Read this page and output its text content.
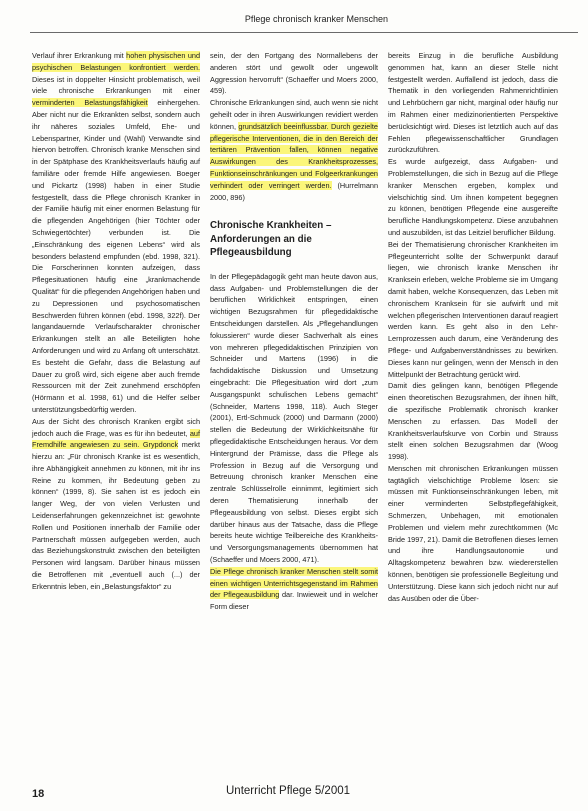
Pflege chronisch kranker Menschen

Verlauf ihrer Erkrankung mit hohen physischen und psychischen Belastungen konfrontiert werden. Dieses ist in doppelter Hinsicht problematisch, weil viele chronische Erkrankungen mit einer verminderten Belastungsfähigkeit einhergehen. Aber nicht nur die Erkrankten selbst, sondern auch ihr näheres soziales Umfeld, Ehe- und Lebenspartner, Kinder und (Wahl) Verwandte sind hiervon betroffen. Chronisch kranke Menschen sind in der Spätphase des Krankheitsverlaufs häufig auf familiäre oder fremde Hilfe angewiesen. Boeger und Pickartz (1998) haben in einer Studie festgestellt, dass die Pflege chronisch Kranker in der Familie häufig mit einer enormen Belastung für die pflegenden Angehörigen (hier Töchter oder Schwiegertöchter) verbunden ist. Die „Einschränkung des eigenen Lebens“ wird als besonders belastend empfunden (ebd. 1998, 321). Die Forscherinnen konnten aufzeigen, dass Pflegesituationen häufig eine „krankmachende Qualität“ für die pflegenden Angehörigen haben und zu Depressionen und psychosomatischen Beschwerden führen können (ebd. 1998, 322f). Der langandauernde Verlaufscharakter chronischer Erkrankungen stellt an alle Beteiligten hohe Anforderungen und wird zu Anfang oft unterschätzt. Es besteht die Gefahr, dass die Belastung auf Dauer zu groß wird, sich eigene aber auch fremde Ressourcen mit der Zeit zunehmend erschöpfen (Hörmann et al. 1998, 61) und die Helfer selber unterstützungsbedürftig werden.

Aus der Sicht des chronisch Kranken ergibt sich jedoch auch die Frage, was es für ihn bedeutet, auf Fremdhilfe angewiesen zu sein. Grypdonck merkt hierzu an: „Für chronisch Kranke ist es wesentlich, ihre Abhängigkeit annehmen zu können, mit ihr ins Reine zu kommen, ihr Bedeutung geben zu können“ (1999, 8). Sie sahen ist es jedoch ein langer Weg, der von vielen Verlusten und Leidenserfahrungen gekennzeichnet ist: gewohnte Rollen und Positionen innerhalb der Familie oder Partnerschaft müssen aufgegeben werden, auch das Beziehungskonstrukt zwischen den beteiligten Personen wird langsam. Darüber hinaus müssen die Betroffenen mit „eventuell auch (...) der Erkenntnis leben, ein „Belastungsfaktor“ zu

sein, der den Fortgang des Normallebens der anderen stört und gewollt oder ungewollt Aggression hervorruft“ (Schaeffer und Moers 2000, 459).

Chronische Erkrankungen sind, auch wenn sie nicht geheilt oder in ihren Auswirkungen revidiert werden können, grundsätzlich beeinflussbar. Durch gezielte pflegerische Interventionen, die in den Bereich der tertiären Prävention fallen, können negative Auswirkungen des Krankheitsprozesses, Funktionseinschränkungen und Folgeerkrankungen verhindert oder verringert werden. (Hurrelmann 2000, 896)

Chronische Krankheiten – Anforderungen an die Pflegeausbildung

In der Pflegepädagogik geht man heute davon aus, dass Aufgaben- und Problemstellungen die der beruflichen Wirklichkeit entspringen, einen wichtigen Bezugsrahmen für pflegedidaktische Entscheidungen darstellen. Als „Pflegehandlungen fokussieren“ wurde dieser Sachverhalt als eines von mehreren pflegedidaktischen Prinzipien von Schneider und Martens (1996) in die fachdidaktische Diskussion und Umsetzung eingebracht: Die Pflegesituation wird dort „zum Ausgangspunkt schulischen Lebens gemacht“ (Schneider, Martens 1998, 118). Auch Steger (2001), Ertl-Schmuck (2000) und Darmann (2000) stellen die Bedeutung der Wirklichkeitsnähe für pflegedidaktische Entscheidungen heraus. Vor dem Hintergrund der Prämisse, dass die Pflege als Profession in Bezug auf die Versorgung und Betreuung chronisch kranker Menschen eine zentrale Schlüsselrolle einnimmt, legitimiert sich deren Thematisierung innerhalb der Pflegeausbildung von selbst. Dieses ergibt sich darüber hinaus aus der Tatsache, dass die Pflege bereits heute wichtige Teilbereiche des Krankheits- und Versorgungsmanagements übernommen hat (Schaeffer und Moers 2000, 471).

Die Pflege chronisch kranker Menschen stellt somit einen wichtigen Unterrichtsgegenstand im Rahmen der Pflegeausbildung dar. Inwieweit und in welcher Form dieser

bereits Einzug in die berufliche Ausbildung genommen hat, kann an dieser Stelle nicht festgestellt werden. Auffallend ist jedoch, dass die Thematik in den vorliegenden Rahmenrichtlinien und Lehrbüchern gar nicht, marginal oder häufig nur im Rahmen einer medizinorientierten Perspektive berücksichtigt wird. Dieses ist letztlich auch auf das Fehlen pflegewissenschaftlicher Grundlagen zurückzuführen.

Es wurde aufgezeigt, dass Aufgaben- und Problemstellungen, die sich in Bezug auf die Pflege kranker Menschen ergeben, komplex und vielschichtig sind. Um ihnen kompetent begegnen zu können, benötigen Pflegende eine ausgereifte berufliche Handlungskompetenz. Diese anzubahnen und auszubilden, ist das Leitziel beruflicher Bildung.

Bei der Thematisierung chronischer Krankheiten im Pflegeunterricht sollte der Schwerpunkt darauf liegen, wie chronisch kranke Menschen ihr Kranksein erleben, welche Probleme sie im Umgang damit haben, welche Konsequenzen, das Leben mit chronischem Kranksein für sie aufwirft und mit welchen pflegerischen Interventionen darauf reagiert werden kann. Es geht also in den Lehr-Lernprozessen auch darum, eine Veränderung des Pflege- und Aufgabenverständnisses zu bewirken. Dieses kann nur gelingen, wenn der Mensch in den Mittelpunkt der Betrachtung gerückt wird.

Damit dies gelingen kann, benötigen Pflegende einen theoretischen Bezugsrahmen, der ihnen hilft, die spezifische Problematik chronisch kranker Menschen zu erfassen. Das Modell der Krankheitsverlaufskurve von Corbin und Strauss stellt einen solchen Bezugsrahmen dar (Woog 1998).

Menschen mit chronischen Erkrankungen müssen tagtäglich vielschichtige Probleme lösen: sie müssen mit Funktionseinschränkungen leben, mit einer verminderten Selbstpflegefähigkeit, Schmerzen, Unbehagen, mit emotionalen Problemen und vielem mehr zurechtkommen (Mc Bride 1997, 21). Damit die Betroffenen dieses lernen und ihre Handlungsautonomie und Alltagskompetenz bewahren bzw. wiedererstellen können, benötigen sie professionelle Begleitung und Unterstützung. Diese kann sich jedoch nicht nur auf das Ausüben oder die Über-

18	Unterricht Pflege 5/2001
